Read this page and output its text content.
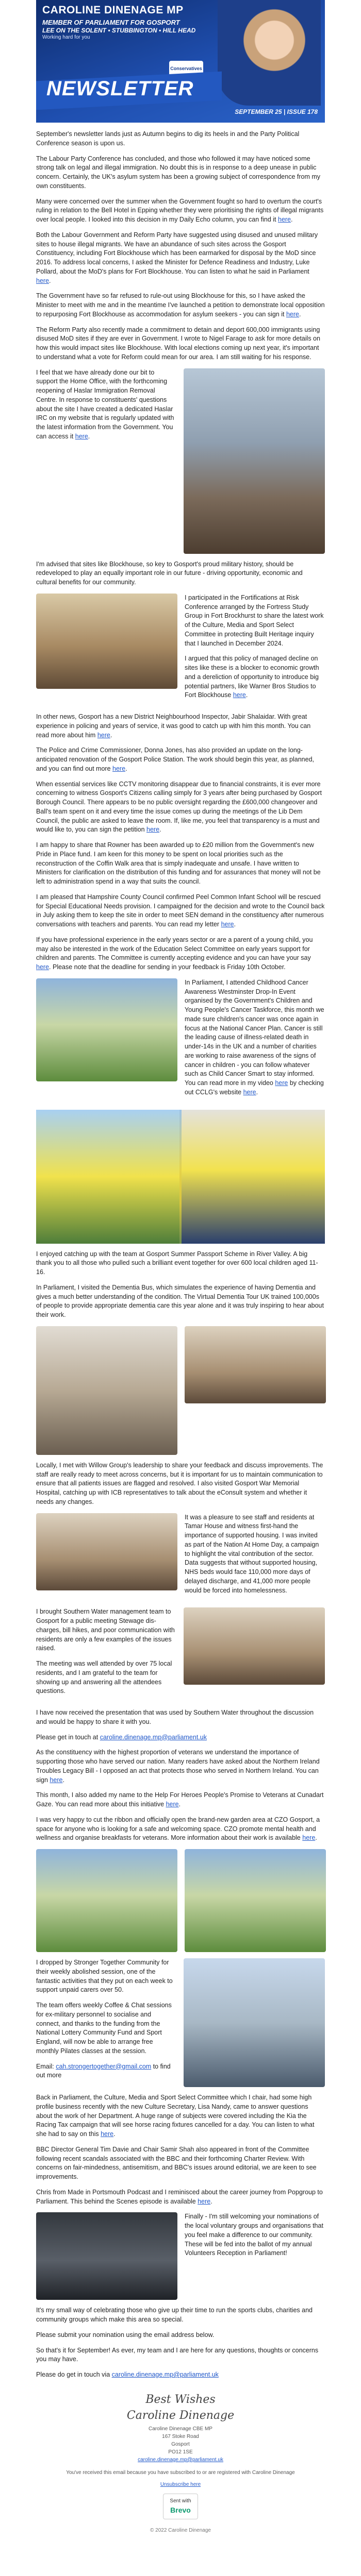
CAROLINE DINENAGE MP
MEMBER OF PARLIAMENT FOR GOSPORT
LEE ON THE SOLENT • STUBBINGTON • HILL HEAD
Working hard for you
Conservatives
NEWSLETTER
SEPTEMBER 25 | ISSUE 178

September's newsletter lands just as Autumn begins to dig its heels in and the Party Political Conference season is upon us.

The Labour Party Conference has concluded, and those who followed it may have noticed some strong talk on legal and illegal immigration. No doubt this is in response to a deep unease in public concern. Certainly, the UK's asylum system has been a growing subject of correspondence from my own constituents.

Many were concerned over the summer when the Government fought so hard to overturn the court's ruling in relation to the Bell Hotel in Epping whether they were prioritising the rights of illegal migrants over local people. I looked into this decision in my Daily Echo column, you can find it here.

Both the Labour Government and Reform Party have suggested using disused and unused military sites to house illegal migrants. We have an abundance of such sites across the Gosport Constituency, including Fort Blockhouse which has been earmarked for disposal by the MoD since 2016. To address local concerns, I asked the Minister for Defence Readiness and Industry, Luke Pollard, about the MoD's plans for Fort Blockhouse. You can listen to what he said in Parliament here.

The Government have so far refused to rule-out using Blockhouse for this, so I have asked the Minister to meet with me and in the meantime I've launched a petition to demonstrate local opposition to repurposing Fort Blockhouse as accommodation for asylum seekers - you can sign it here.

The Reform Party also recently made a commitment to detain and deport 600,000 immigrants using disused MoD sites if they are ever in Government. I wrote to Nigel Farage to ask for more details on how this would impact sites like Blockhouse. With local elections coming up next year, it's important to understand what a vote for Reform could mean for our area. I am still waiting for his response.

I feel that we have already done our bit to support the Home Office, with the forthcoming reopening of Haslar Immigration Removal Centre. In response to constituents' questions about the site I have created a dedicated Haslar IRC on my website that is regularly updated with the latest information from the Government. You can access it here.

I'm advised that sites like Blockhouse, so key to Gosport's proud military history, should be redeveloped to play an equally important role in our future - driving opportunity, economic and cultural benefits for our community.

I participated in the Fortifications at Risk Conference arranged by the Fortress Study Group in Fort Brockhurst to share the latest work of the Culture, Media and Sport Select Committee in protecting Built Heritage inquiry that I launched in December 2024.

I argued that this policy of managed decline on sites like these is a blocker to economic growth and a dereliction of opportunity to introduce big potential partners, like Warner Bros Studios to Fort Blockhouse here.

In other news, Gosport has a new District Neighbourhood Inspector, Jabir Shalaidar. With great experience in policing and years of service, it was good to catch up with him this month. You can read more about him here.

The Police and Crime Commissioner, Donna Jones, has also provided an update on the long-anticipated renovation of the Gosport Police Station. The work should begin this year, as planned, and you can find out more here.

When essential services like CCTV monitoring disappear due to financial constraints, it is ever more concerning to witness Gosport's Citizens calling simply for 3 years after being purchased by Gosport Borough Council. There appears to be no public oversight regarding the £600,000 changeover and Ball's team spent on it and every time the issue comes up during the meetings of the Lib Dem Council, the public are asked to leave the room. If, like me, you feel that transparency is a must and would like to, you can sign the petition here.

I am happy to share that Rowner has been awarded up to £20 million from the Government's new Pride in Place fund. I am keen for this money to be spent on local priorities such as the reconstruction of the Coffin Walk area that is simply inadequate and unsafe. I have written to Ministers for clarification on the distribution of this funding and for assurances that money will not be left to administration spend in a way that suits the council.

I am pleased that Hampshire County Council confirmed Peel Common Infant School will be rescued for Special Educational Needs provision. I campaigned for the decision and wrote to the Council back in July asking them to keep the site in order to meet SEN demand in the constituency after numerous conversations with teachers and parents. You can read my letter here.

If you have professional experience in the early years sector or are a parent of a young child, you may also be interested in the work of the Education Select Committee on early years support for children and parents. The Committee is currently accepting evidence and you can have your say here. Please note that the deadline for sending in your feedback is Friday 10th October.

In Parliament, I attended Childhood Cancer Awareness Westminster Drop-In Event organised by the Government's Children and Young People's Cancer Taskforce, this month we made sure children's cancer was once again in focus at the National Cancer Plan. Cancer is still the leading cause of illness-related death in under-14s in the UK and a number of charities are working to raise awareness of the signs of cancer in children - you can follow whatever such as Child Cancer Smart to stay informed. You can read more in my video here by checking out CCLG's website here.

I enjoyed catching up with the team at Gosport Summer Passport Scheme in River Valley. A big thank you to all those who pulled such a brilliant event together for over 600 local children aged 11-16.

In Parliament, I visited the Dementia Bus, which simulates the experience of having Dementia and gives a much better understanding of the condition. The Virtual Dementia Tour UK trained 100,000s of people to provide appropriate dementia care this year alone and it was truly inspiring to hear about their work.

Locally, I met with Willow Group's leadership to share your feedback and discuss improvements. The staff are really ready to meet across concerns, but it is important for us to maintain communication to ensure that all patients issues are flagged and resolved. I also visited Gosport War Memorial Hospital, catching up with ICB representatives to talk about the eConsult system and whether it needs any changes.

It was a pleasure to see staff and residents at Tamar House and witness first-hand the importance of supported housing. I was invited as part of the Nation At Home Day, a campaign to highlight the vital contribution of the sector. Data suggests that without supported housing, NHS beds would face 110,000 more days of delayed discharge, and 41,000 more people would be forced into homelessness.

I brought Southern Water management team to Gosport for a public meeting Stewage dis-charges, bill hikes, and poor communication with residents are only a few examples of the issues raised.

The meeting was well attended by over 75 local residents, and I am grateful to the team for showing up and answering all the attendees questions.

I have now received the presentation that was used by Southern Water throughout the discussion and would be happy to share it with you.

Please get in touch at caroline.dinenage.mp@parliament.uk

As the constituency with the highest proportion of veterans we understand the importance of supporting those who have served our nation. Many readers have asked about the Northern Ireland Troubles Legacy Bill - I opposed an act that protects those who served in Northern Ireland. You can sign here.

This month, I also added my name to the Help For Heroes People's Promise to Veterans at Cunadart Gaze. You can read more about this initiative here.

I was very happy to cut the ribbon and officially open the brand-new garden area at CZO Gosport, a space for anyone who is looking for a safe and welcoming space. CZO promote mental health and wellness and organise breakfasts for veterans. More information about their work is available here.

I dropped by Stronger Together Community for their weekly abolished session, one of the fantastic activities that they put on each week to support unpaid carers over 50.

The team offers weekly Coffee & Chat sessions for ex-military personnel to socialise and connect, and thanks to the funding from the National Lottery Community Fund and Sport England, will now be able to arrange free monthly Pilates classes at the session.

Email: cah.strongertogether@gmail.com to find out more

Back in Parliament, the Culture, Media and Sport Select Committee which I chair, had some high profile business recently with the new Culture Secretary, Lisa Nandy, came to answer questions about the work of her Department. A huge range of subjects were covered including the Kia the Racing Tax campaign that will see horse racing fixtures cancelled for a day. You can listen to what she had to say on this here.

BBC Director General Tim Davie and Chair Samir Shah also appeared in front of the Committee following recent scandals associated with the BBC and their forthcoming Charter Review. With concerns on fair-mindedness, antisemitism, and BBC's issues around editorial, we are keen to see improvements.

Chris from Made in Portsmouth Podcast and I reminisced about the career journey from Popgroup to Parliament. This behind the Scenes episode is available here.

Finally - I'm still welcoming your nominations of the local voluntary groups and organisations that you feel make a difference to our community. These will be fed into the ballot of my annual Volunteers Reception in Parliament!

It's my small way of celebrating those who give up their time to run the sports clubs, charities and community groups which make this area so special.

Please submit your nomination using the email address below.

So that's it for September! As ever, my team and I are here for any questions, thoughts or concerns you may have.

Please do get in touch via caroline.dinenage.mp@parliament.uk

Best Wishes
Caroline Dinenage
Caroline Dinenage CBE MP
167 Stoke Road
Gosport
PO12 1SE
caroline.dinenage.mp@parliament.uk
You've received this email because you have subscribed to or are registered with Caroline Dinenage
Unsubscribe here
Sent with
Brevo
© 2022 Caroline Dinenage
